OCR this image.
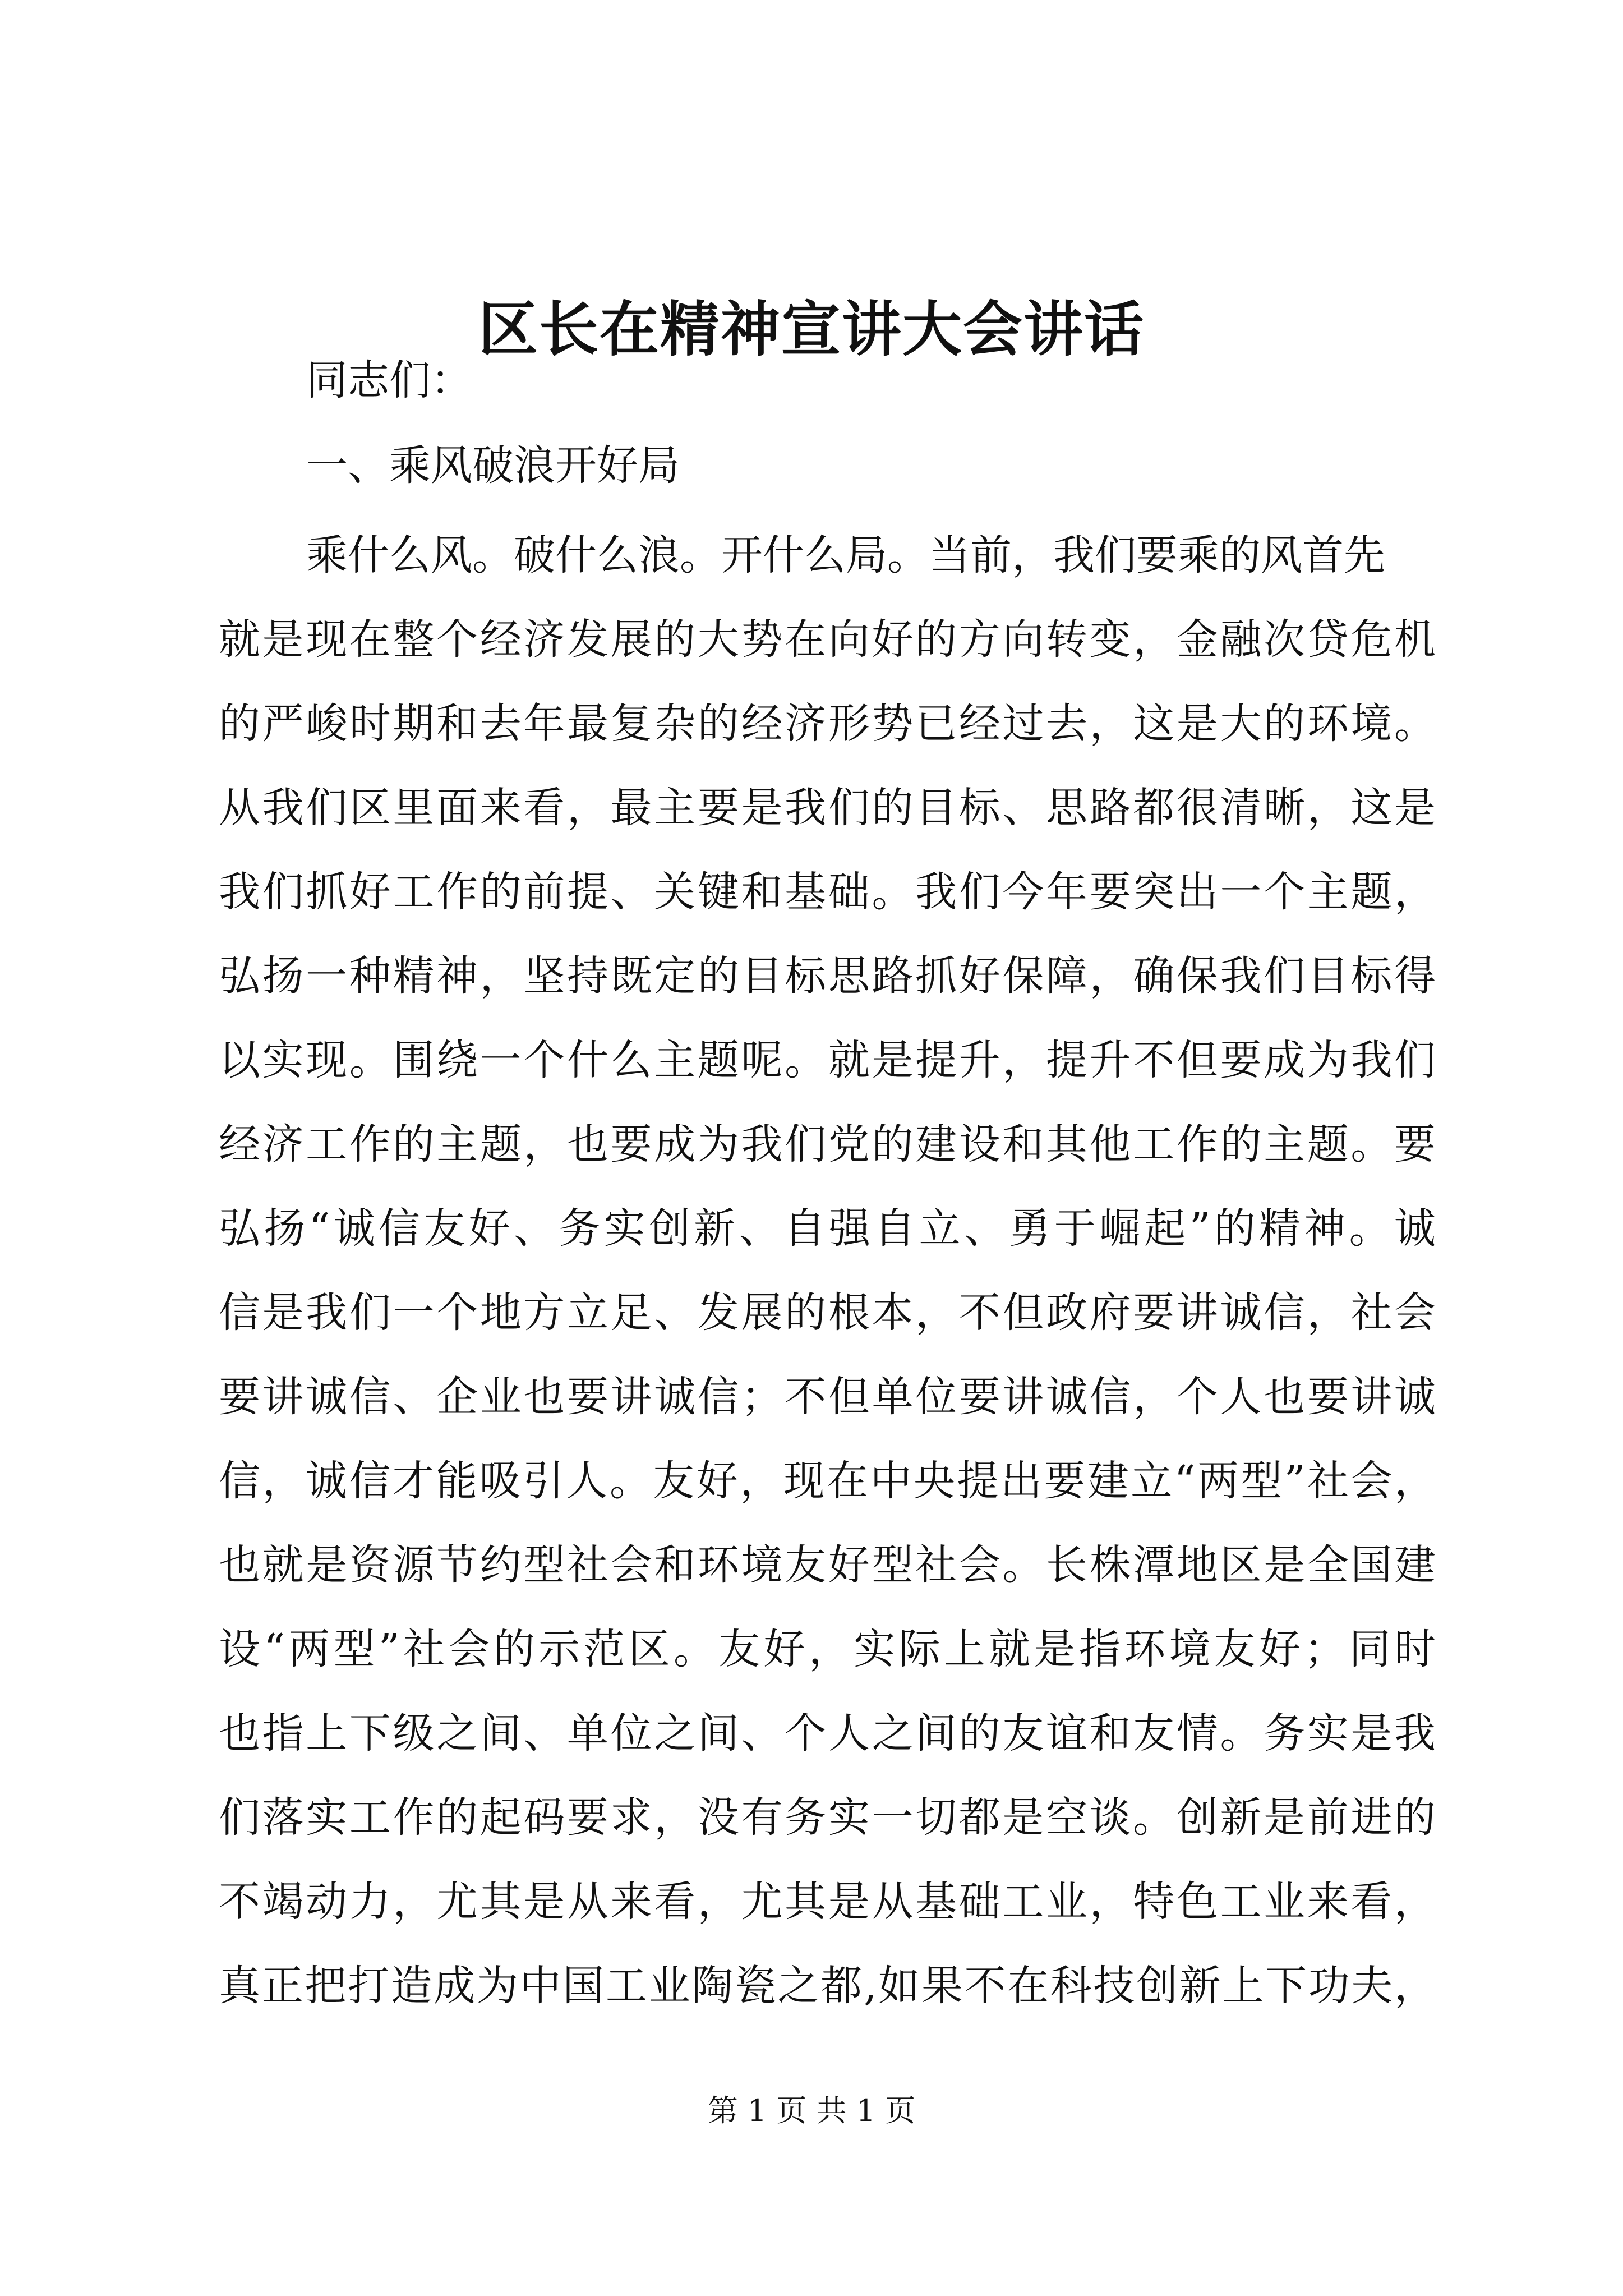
区长在精神宣讲大会讲话

同志们：

一、乘风破浪开好局

乘什么风。破什么浪。开什么局。当前，我们要乘的风首先

就是现在整个经济发展的大势在向好的方向转变，金融次贷危机

的严峻时期和去年最复杂的经济形势已经过去，这是大的环境。

从我们区里面来看，最主要是我们的目标、思路都很清晰，这是

我们抓好工作的前提、关键和基础。我们今年要突出一个主题，

弘扬一种精神，坚持既定的目标思路抓好保障，确保我们目标得

以实现。围绕一个什么主题呢。就是提升，提升不但要成为我们

经济工作的主题，也要成为我们党的建设和其他工作的主题。要

弘扬“诚信友好、务实创新、自强自立、勇于崛起”的精神。诚

信是我们一个地方立足、发展的根本，不但政府要讲诚信，社会

要讲诚信、企业也要讲诚信；不但单位要讲诚信，个人也要讲诚

信，诚信才能吸引人。友好，现在中央提出要建立“两型”社会，

也就是资源节约型社会和环境友好型社会。长株潭地区是全国建

设“两型”社会的示范区。友好，实际上就是指环境友好；同时

也指上下级之间、单位之间、个人之间的友谊和友情。务实是我

们落实工作的起码要求，没有务实一切都是空谈。创新是前进的

不竭动力，尤其是从来看，尤其是从基础工业，特色工业来看，

真正把打造成为中国工业陶瓷之都,如果不在科技创新上下功夫，

第 1 页 共 1 页
